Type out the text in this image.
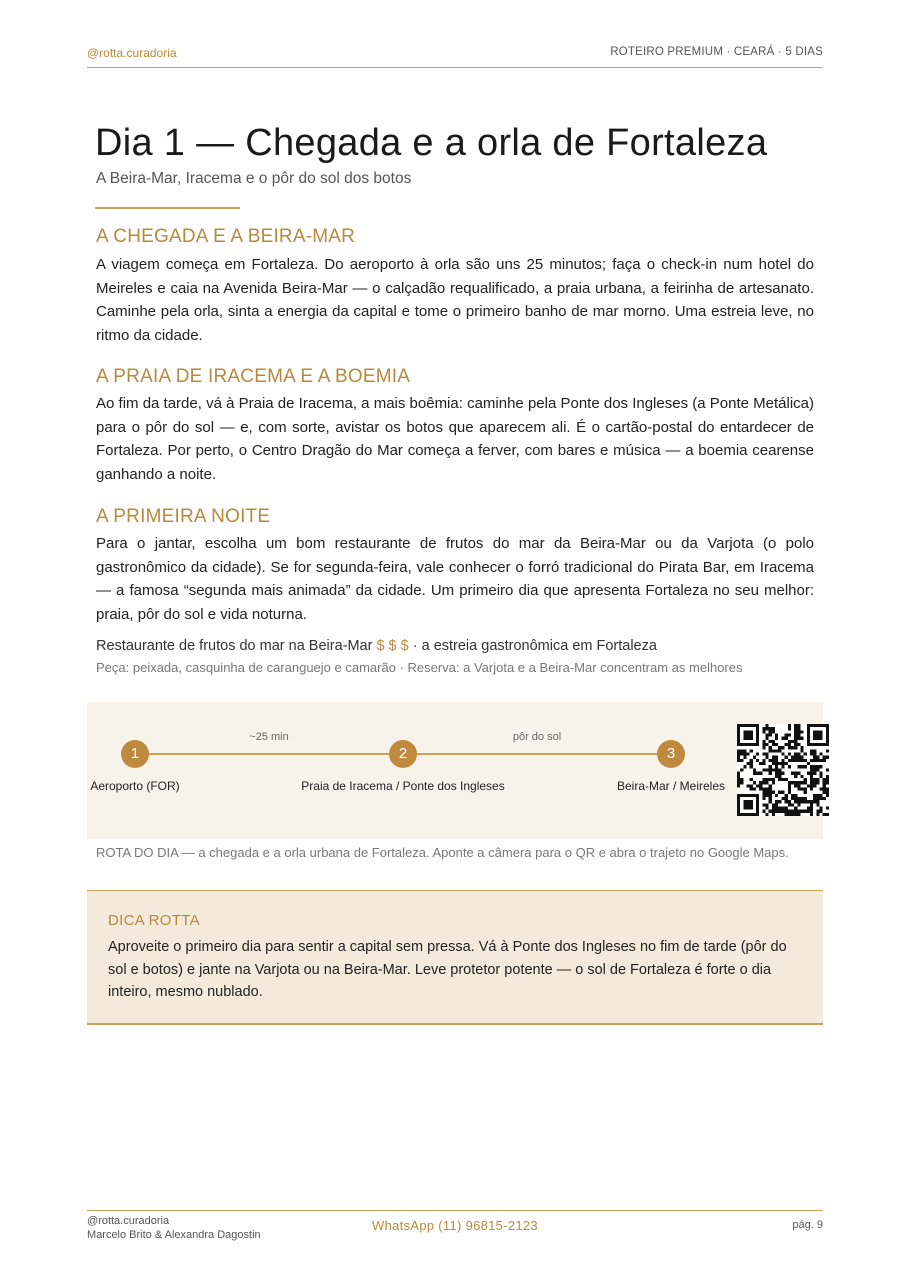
@rotta.curadoria	ROTEIRO PREMIUM · CEARÁ · 5 DIAS
Dia 1 — Chegada e a orla de Fortaleza
A Beira-Mar, Iracema e o pôr do sol dos botos
A CHEGADA E A BEIRA-MAR

A viagem começa em Fortaleza. Do aeroporto à orla são uns 25 minutos; faça o check-in num hotel do Meireles e caia na Avenida Beira-Mar — o calçadão requalificado, a praia urbana, a feirinha de artesanato. Caminhe pela orla, sinta a energia da capital e tome o primeiro banho de mar morno. Uma estreia leve, no ritmo da cidade.

A PRAIA DE IRACEMA E A BOEMIA

Ao fim da tarde, vá à Praia de Iracema, a mais boêmia: caminhe pela Ponte dos Ingleses (a Ponte Metálica) para o pôr do sol — e, com sorte, avistar os botos que aparecem ali. É o cartão-postal do entardecer de Fortaleza. Por perto, o Centro Dragão do Mar começa a ferver, com bares e música — a boemia cearense ganhando a noite.

A PRIMEIRA NOITE

Para o jantar, escolha um bom restaurante de frutos do mar da Beira-Mar ou da Varjota (o polo gastronômico da cidade). Se for segunda-feira, vale conhecer o forró tradicional do Pirata Bar, em Iracema — a famosa “segunda mais animada” da cidade. Um primeiro dia que apresenta Fortaleza no seu melhor: praia, pôr do sol e vida noturna.

Restaurante de frutos do mar na Beira-Mar $ $ $ · a estreia gastronômica em Fortaleza
Peça: peixada, casquinha de caranguejo e camarão · Reserva: a Varjota e a Beira-Mar concentram as melhores
~25 min	pôr do sol
1	2	3
Aeroporto (FOR)	Praia de Iracema / Ponte dos Ingleses	Beira-Mar / Meireles
ROTA DO DIA — a chegada e a orla urbana de Fortaleza. Aponte a câmera para o QR e abra o trajeto no Google Maps.
DICA ROTTA

Aproveite o primeiro dia para sentir a capital sem pressa. Vá à Ponte dos Ingleses no fim de tarde (pôr do sol e botos) e jante na Varjota ou na Beira-Mar. Leve protetor potente — o sol de Fortaleza é forte o dia inteiro, mesmo nublado.

@rotta.curadoria
Marcelo Brito & Alexandra Dagostin
WhatsApp (11) 96815-2123	pág. 9
